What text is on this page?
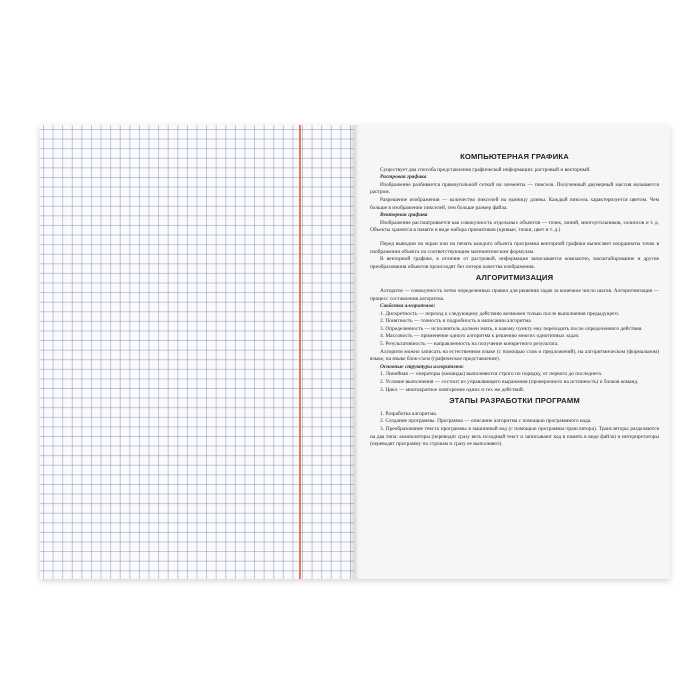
КОМПЬЮТЕРНАЯ ГРАФИКА

Существует два способа представления графической информации: растровый и векторный.

Растровая графика

Изображение разбивается прямоугольной сеткой на элементы — пикселя. Полученный двумерный массив называется растром.

Разрешение изображения — количество пикселей на единицу длины. Каждый пиксель характеризуется цветом. Чем больше в изображении пикселей, тем больше размер файла.

Векторная графика

Изображение рассматривается как совокупность отдельных объектов — точек, линий, многоугольников, эллипсов и т. д. Объекты хранятся в памяти в виде набора примитивов (кривые, точки, цвет и т. д.)

Перед выводом на экран или на печать каждого объекта программа векторной графики вычисляет координаты точек в изображении объекта по соответствующим математическим формулам.

В векторной графике, в отличие от растровой, информация записывается компактно, масштабирование и другие преобразования объектов происходят без потери качества изображения.

АЛГОРИТМИЗАЦИЯ

Алгоритм — совокупность четко определенных правил для решения задач за конечное число шагов. Алгоритмизация — процесс составления алгоритма.

Свойства алгоритмов:

1. Дискретность — переход к следующему действию возможен только после выполнения предыдущего.

2. Понятность — точность и подробность в написании алгоритма.

3. Определенность — исполнитель должен знать, к какому пункту ему переходить после определенного действия.

4. Массовость — применение одного алгоритма к решению многих однотипных задач.

5. Результативность — направленность на получение конкретного результата.

Алгоритм можно записать на естественном языке (с помощью слов и предложений), на алгоритмическом (формальном) языке, на языке блок-схем (графическое представление).

Основные структуры алгоритмов:

1. Линейная — операторы (команды) выполняются строго по порядку, от первого до последнего.

2. Условие выполнения — состоит из управляющего выражения (проверочного на истинность) и блоков команд.

3. Цикл — многократное повторение одних и тех же действий.

ЭТАПЫ РАЗРАБОТКИ ПРОГРАММ

1. Разработка алгоритма.

2. Создание программы. Программа — описание алгоритма с помощью программного кода.

3. Преобразование текста программы в машинный код (с помощью программы-транслятора). Трансляторы разделяются на два типа: компиляторы (переводят сразу весь исходный текст и записывают код в память в виде файла) и интерпретаторы (переводят программу по строкам и сразу ее выполняют).
